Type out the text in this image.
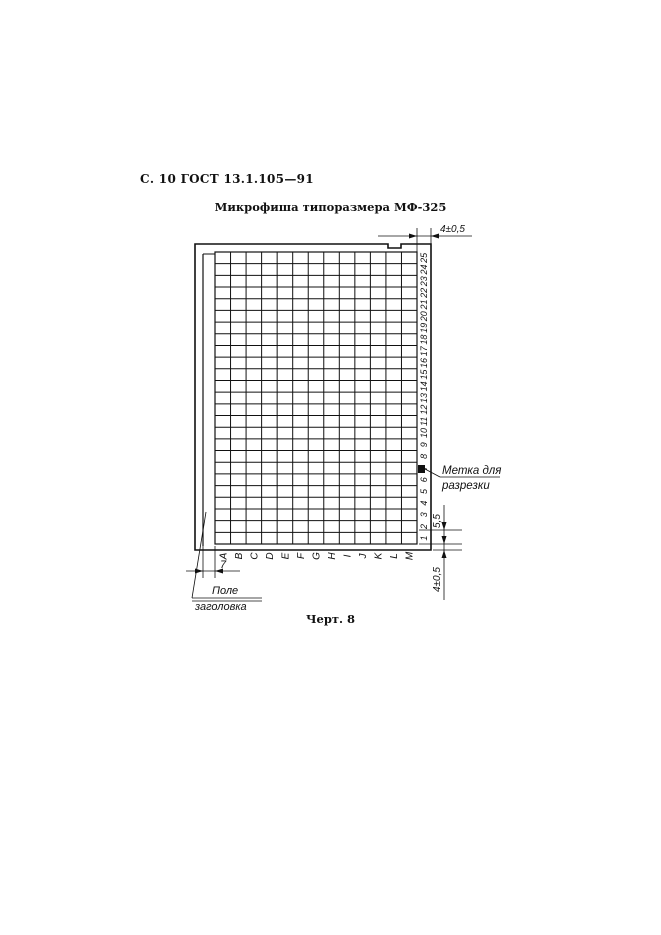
С. 10 ГОСТ 13.1.105—91
Микрофиша типоразмера МФ-325
A B C D E F G H I J K L M
1
2
3
4
5
6
7
8
9
10
11
12
13
14
15
16
17
18
19
20
21
22
23
24
25
Метка для
разрезки
4±0,5
5,5
4±0,5
7
Поле
заголовка
Черт. 8
